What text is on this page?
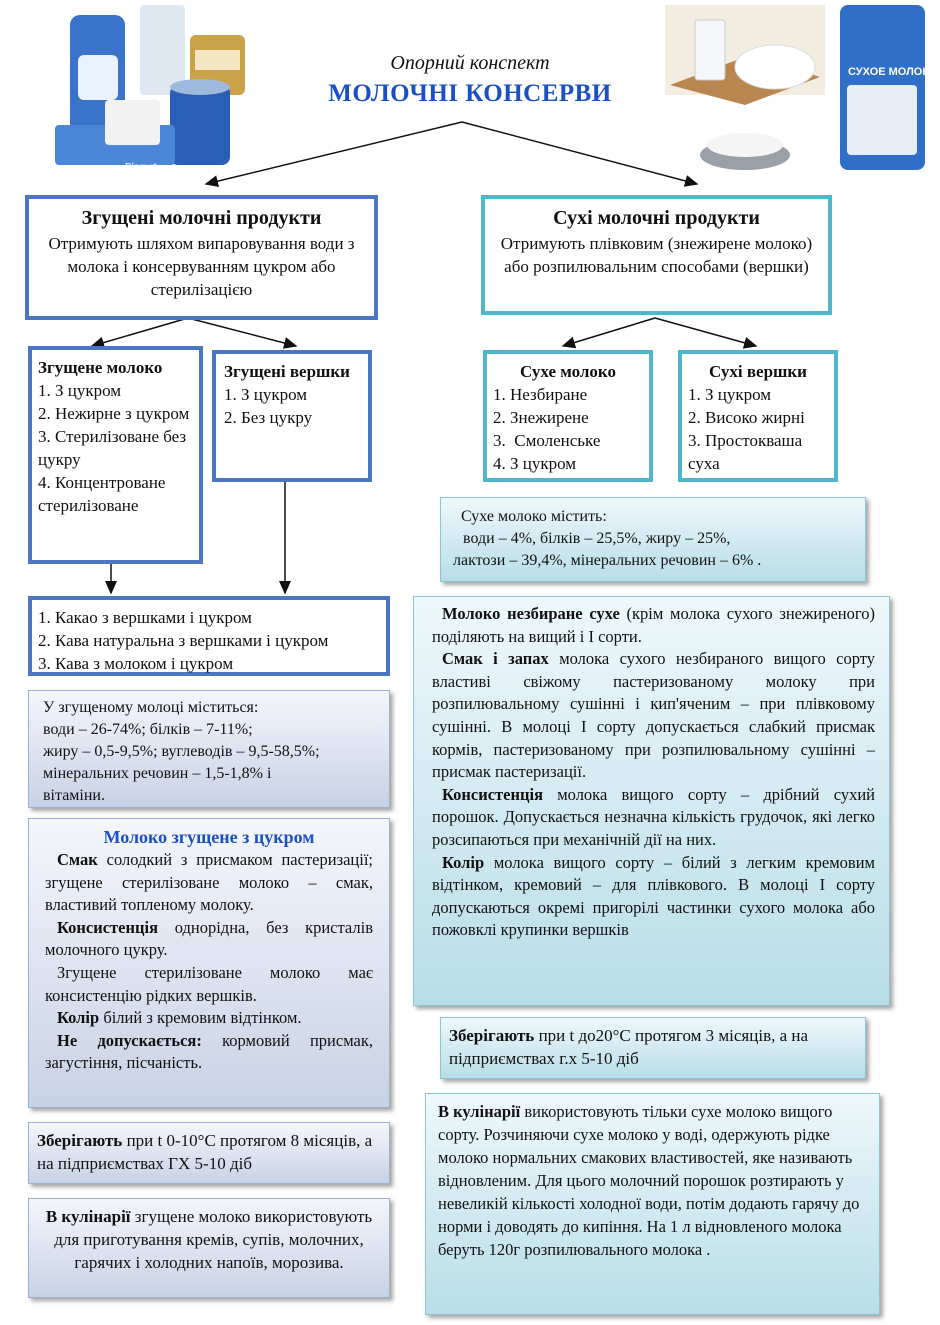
Blogurt
СУХОЕ МОЛОКО
Опорний конспект
МОЛОЧНІ КОНСЕРВИ
Згущені молочні продукти
Отримують шляхом випаровування води з молока і консервуванням цукром або стерилізацією
Згущене молоко
1. З цукром
2. Нежирне з цукром
3. Стерилізоване без цукру
4. Концентроване стерилізоване
Згущені вершки
1. З цукром
2. Без цукру
1. Какао з вершками і цукром
2. Кава натуральна з вершками і цукром
3. Кава з молоком і цукром
У згущеному молоці міститься:
води – 26-74%; білків – 7-11%;
жиру – 0,5-9,5%; вуглеводів – 9,5-58,5%;
мінеральних речовин – 1,5-1,8% і
вітаміни.
Молоко згущене з цукром
Смак солодкий з присмаком пастеризації; згущене стерилізоване молоко – смак, властивий топленому молоку.
Консистенція однорідна, без кристалів молочного цукру.
Згущене стерилізоване молоко має консистенцію рідких вершків.
Колір білий з кремовим відтінком.
Не допускається: кормовий присмак, загустіння, пісчаність.
Зберігають при t 0-10°C протягом 8 місяців, а на підприємствах ГХ 5-10 діб
В кулінарії згущене молоко використовують для приготування кремів, супів, молочних, гарячих і холодних напоїв, морозива.
Сухі молочні продукти
Отримують плівковим (знежирене молоко) або розпилювальним способами (вершки)
Сухе молоко
1. Незбиране
2. Знежирене
3.  Смоленське
4. З цукром
Сухі вершки
1. З цукром
2. Високо жирні
3. Простокваша суха
Сухе молоко містить:
води – 4%, білків – 25,5%, жиру – 25%,
лактози – 39,4%, мінеральних речовин – 6% .
Молоко незбиране сухе (крім молока сухого знежиреного) поділяють на вищий і І сорти.
Смак і запах молока сухого незбираного вищого сорту властиві свіжому пастеризованому молоку при розпилювальному сушінні і кип'яченим – при плівковому сушінні. В молоці І сорту допускається слабкий присмак кормів, пастеризованому при розпилювальному сушінні – присмак пастеризації.
Консистенція молока вищого сорту – дрібний сухий порошок. Допускається незначна кількість грудочок, які легко розсипаються при механічній дії на них.
Колір молока вищого сорту – білий з легким кремовим відтінком, кремовий – для плівкового. В молоці І сорту допускаються окремі пригорілі частинки сухого молока або пожовклі крупинки вершків
Зберігають при t до20°C протягом 3 місяців, а на підприємствах г.х 5-10 діб
В кулінарії використовують тільки сухе молоко вищого сорту. Розчиняючи сухе молоко у воді, одержують рідке молоко нормальних смакових властивостей, яке називають відновленим. Для цього молочний порошок розтирають у невеликій кількості холодної води, потім додають гарячу до норми і доводять до кипіння. На 1 л відновленого молока беруть 120г розпилювального молока .
